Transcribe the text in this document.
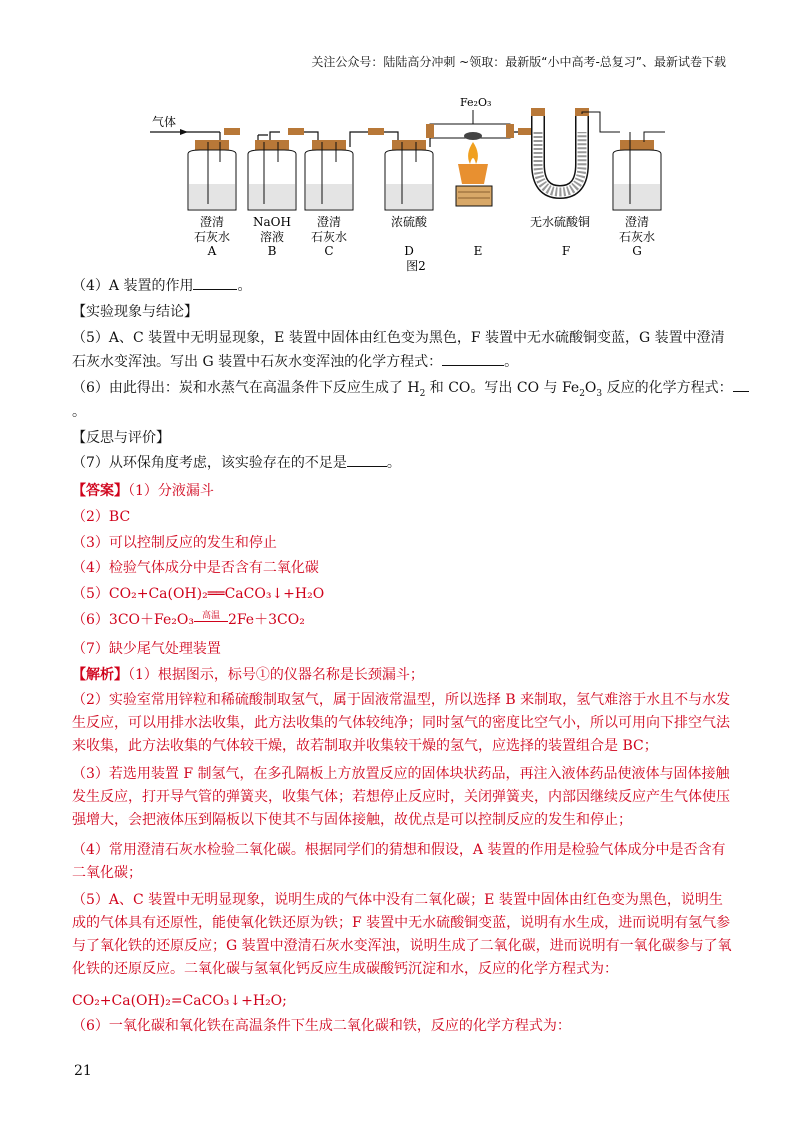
关注公众号：陆陆高分冲刺 ~领取：最新版“小中高考-总复习”、最新试卷下载
气体
Fe₂O₃
澄清
石灰水
NaOH
溶液
澄清
石灰水
浓硫酸	无水硫酸铜	澄清
石灰水
A	B	C	D	E	F	G
图2
（4）A 装置的作用	。
【实验现象与结论】
（5）A、C 装置中无明显现象，E 装置中固体由红色变为黑色，F 装置中无水硫酸铜变蓝，G 装置中澄清
石灰水变浑浊。写出 G 装置中石灰水变浑浊的化学方程式：	。
（6）由此得出：炭和水蒸气在高温条件下反应生成了 $H_2$ 和 CO。写出 CO 与 $Fe_2O_3$ 反应的化学方程式：
。
【反思与评价】
（7）从环保角度考虑，该实验存在的不足是	。
【答案】（1）分液漏斗
（2）BC
（3）可以控制反应的发生和停止
（4）检验气体成分中是否含有二氧化碳
（5）CO₂+Ca(OH)₂══CaCO₃↓+H₂O
（6）3CO＋Fe₂O₃ 高温 2Fe＋3CO₂
（7）缺少尾气处理装置
【解析】（1）根据图示，标号①的仪器名称是长颈漏斗；
（2）实验室常用锌粒和稀硫酸制取氢气，属于固液常温型，所以选择 B 来制取，氢气难溶于水且不与水发生反应，可以用排水法收集，此方法收集的气体较纯净；同时氢气的密度比空气小，所以可用向下排空气法来收集，此方法收集的气体较干燥，故若制取并收集较干燥的氢气，应选择的装置组合是 BC；
（3）若选用装置 F 制氢气，在多孔隔板上方放置反应的固体块状药品，再注入液体药品使液体与固体接触发生反应，打开导气管的弹簧夹，收集气体；若想停止反应时，关闭弹簧夹，内部因继续反应产生气体使压强增大，会把液体压到隔板以下使其不与固体接触，故优点是可以控制反应的发生和停止；
（4）常用澄清石灰水检验二氧化碳。根据同学们的猜想和假设，A 装置的作用是检验气体成分中是否含有二氧化碳；
（5）A、C 装置中无明显现象，说明生成的气体中没有二氧化碳；E 装置中固体由红色变为黑色，说明生成的气体具有还原性，能使氧化铁还原为铁；F 装置中无水硫酸铜变蓝，说明有水生成，进而说明有氢气参与了氧化铁的还原反应；G 装置中澄清石灰水变浑浊，说明生成了二氧化碳，进而说明有一氧化碳参与了氧化铁的还原反应。二氧化碳与氢氧化钙反应生成碳酸钙沉淀和水，反应的化学方程式为：
CO₂+Ca(OH)₂=CaCO₃↓+H₂O;
（6）一氧化碳和氧化铁在高温条件下生成二氧化碳和铁，反应的化学方程式为：
21
